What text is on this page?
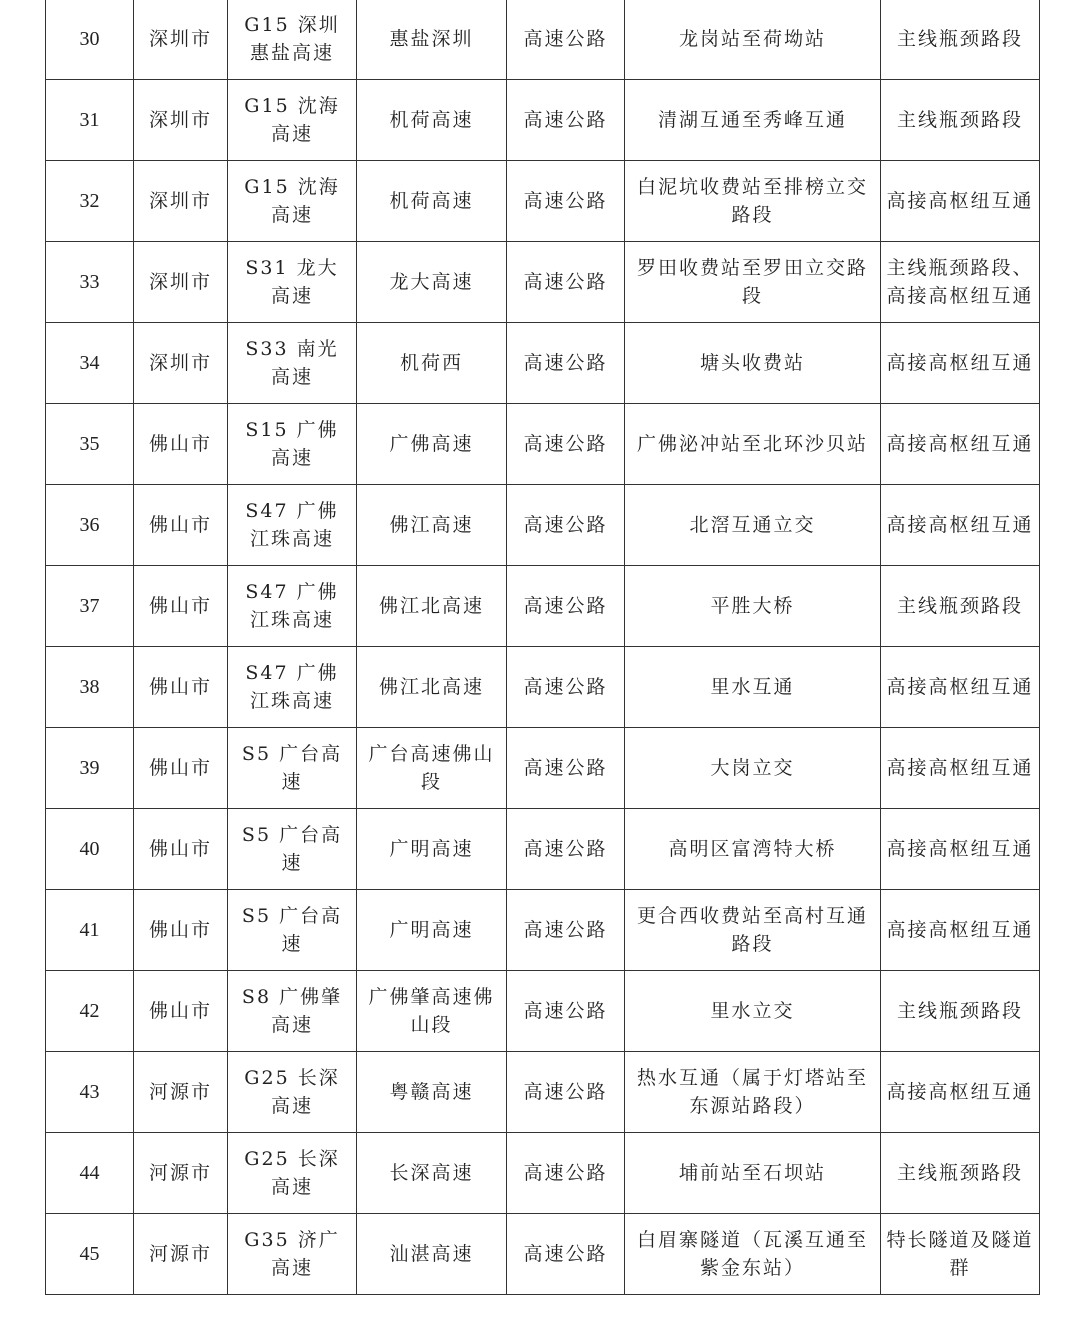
30	深圳市	G15 深圳惠盐高速	惠盐深圳	高速公路	龙岗站至荷坳站	主线瓶颈路段
31	深圳市	G15 沈海高速	机荷高速	高速公路	清湖互通至秀峰互通	主线瓶颈路段
32	深圳市	G15 沈海高速	机荷高速	高速公路	白泥坑收费站至排榜立交路段	高接高枢纽互通
33	深圳市	S31 龙大高速	龙大高速	高速公路	罗田收费站至罗田立交路段	主线瓶颈路段、高接高枢纽互通
34	深圳市	S33 南光高速	机荷西	高速公路	塘头收费站	高接高枢纽互通
35	佛山市	S15 广佛高速	广佛高速	高速公路	广佛泌冲站至北环沙贝站	高接高枢纽互通
36	佛山市	S47 广佛江珠高速	佛江高速	高速公路	北滘互通立交	高接高枢纽互通
37	佛山市	S47 广佛江珠高速	佛江北高速	高速公路	平胜大桥	主线瓶颈路段
38	佛山市	S47 广佛江珠高速	佛江北高速	高速公路	里水互通	高接高枢纽互通
39	佛山市	S5 广台高速	广台高速佛山段	高速公路	大岗立交	高接高枢纽互通
40	佛山市	S5 广台高速	广明高速	高速公路	高明区富湾特大桥	高接高枢纽互通
41	佛山市	S5 广台高速	广明高速	高速公路	更合西收费站至高村互通路段	高接高枢纽互通
42	佛山市	S8 广佛肇高速	广佛肇高速佛山段	高速公路	里水立交	主线瓶颈路段
43	河源市	G25 长深高速	粤赣高速	高速公路	热水互通（属于灯塔站至东源站路段）	高接高枢纽互通
44	河源市	G25 长深高速	长深高速	高速公路	埔前站至石坝站	主线瓶颈路段
45	河源市	G35 济广高速	汕湛高速	高速公路	白眉寨隧道（瓦溪互通至紫金东站）	特长隧道及隧道群
